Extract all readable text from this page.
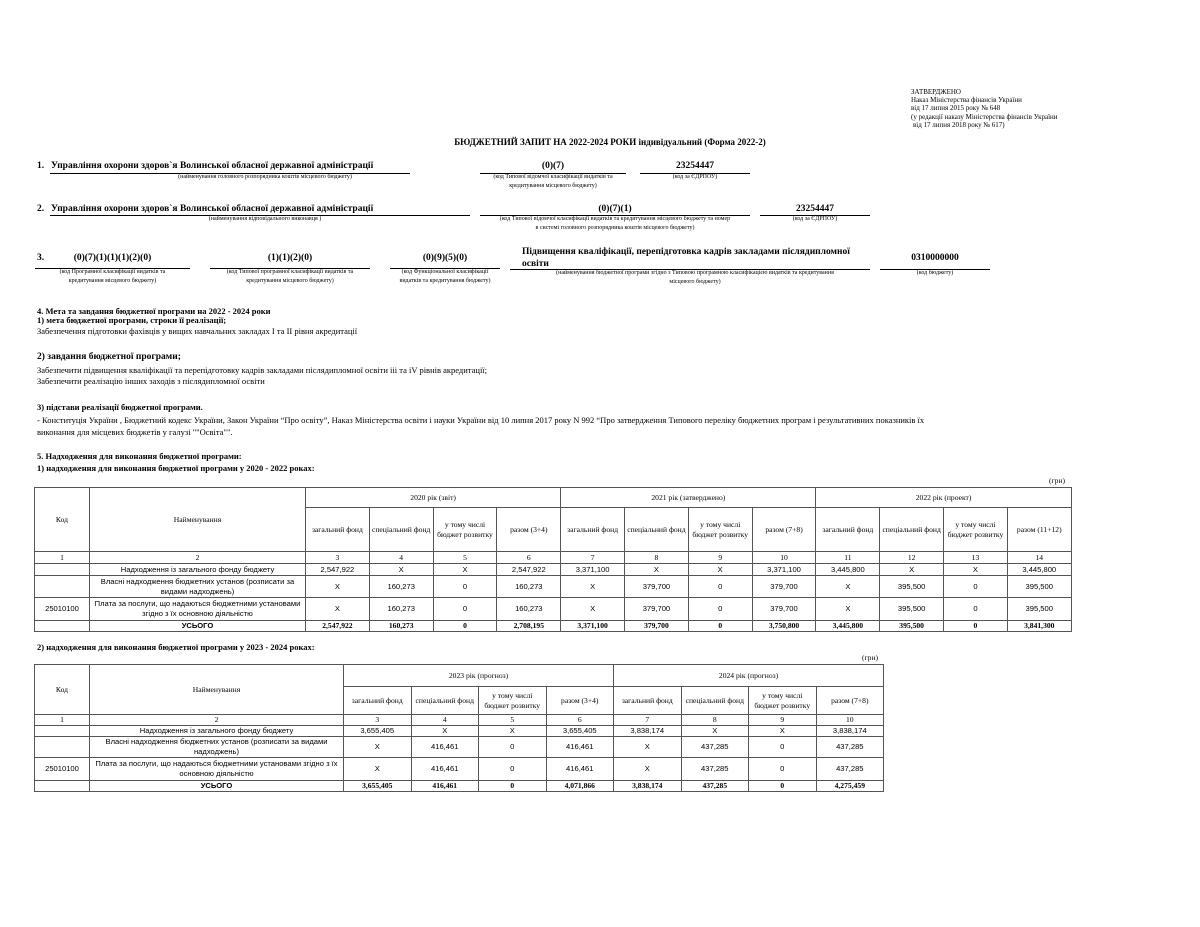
ЗАТВЕРДЖЕНО
Наказ Міністерства фінансів України
від 17 липня 2015 року № 648
(у редакції наказу Міністерства фінансів України
від 17 липня 2018 року № 617)
БЮДЖЕТНИЙ ЗАПИТ НА 2022-2024 РОКИ індивідуальний (Форма 2022-2)
1. Управління охорони здоров`я Волинської обласної державної адміністрації
(найменування головного розпорядника коштів місцевого бюджету)
(0)(7)
(код Типової відомчої класифікації видатків та
кредитування місцевого бюджету)
23254447
(код за ЄДРПОУ)
2. Управління охорони здоров`я Волинської обласної державної адміністрації
(найменування відповідального виконавця )
(0)(7)(1)
(код Типової відомчої класифікації видатків та кредитування місцевого бюджету та номер
в системі головного розпорядника коштів місцевого бюджету)
23254447
(код за ЄДРПОУ)
3.	(0)(7)(1)(1)(1)(2)(0)
(код Програмної класифікації видатків та
кредитування місцевого бюджету)
(1)(1)(2)(0)
(код Типової програмної класифікації видатків та
кредитування місцевого бюджету)
(0)(9)(5)(0)
(код Функціональної класифікації
видатків та кредитування бюджету)
Підвищення кваліфікації, перепідготовка кадрів закладами післядипломної
освіти
(найменування бюджетної програми згідно з Типовою програмною класифікацією видатків та кредитування
місцевого бюджету)
0310000000
(код бюджету)
4. Мета та завдання бюджетної програми на 2022 - 2024 роки
1) мета бюджетної програми, строки її реалізації;
Забезпечення підготовки фахівців у вищих навчальних закладах І та ІІ рівня акредитації
2) завдання бюджетної програми;
Забезпечити підвищення кваліфікації та перепідготовку кадрів закладами післядипломної освіти ііі та іV рівнів акредитації;
Забезпечити реалізацію інших заходів з післядипломної освіти
3) підстави реалізації бюджетної програми.
- Конституція України , Бюджетний кодекс України, Закон України “Про освіту”, Наказ Міністерства освіти і науки України від 10 липня 2017 року N 992 “Про затвердження Типового переліку бюджетних програм і результативних показників їх
виконання для місцевих бюджетів у галузі ""Освіта"".
5. Надходження для виконання бюджетної програми:
1) надходження для виконання бюджетної програми у 2020 - 2022 роках:
(грн)
Код	Найменування	2020 рік (звіт)				2021 рік (затверджено)				2022 рік (проект)			
		загальний фонд	спеціальний фонд	у тому числі бюджет розвитку	разом (3+4)	загальний фонд	спеціальний фонд	у тому числі бюджет розвитку	разом (7+8)	загальний фонд	спеціальний фонд	у тому числі бюджет розвитку	разом (11+12)
1	2	3	4	5	6	7	8	9	10	11	12	13	14
	Надходження із загального фонду бюджету	2,547,922	X	X	2,547,922	3,371,100	X	X	3,371,100	3,445,800	X	X	3,445,800
	Власні надходження бюджетних установ (розписати за видами надходжень)	X	160,273	0	160,273	X	379,700	0	379,700	X	395,500	0	395,500
25010100	Плата за послуги, що надаються бюджетними установами згідно з їх основною діяльністю	X	160,273	0	160,273	X	379,700	0	379,700	X	395,500	0	395,500
	УСЬОГО	2,547,922	160,273	0	2,708,195	3,371,100	379,700	0	3,750,800	3,445,800	395,500	0	3,841,300
2) надходження для виконання бюджетної програми у 2023 - 2024 роках:
(грн)
Код	Найменування	2023 рік (прогноз)				2024 рік (прогноз)			
		загальний фонд	спеціальний фонд	у тому числі бюджет розвитку	разом (3+4)	загальний фонд	спеціальний фонд	у тому числі бюджет розвитку	разом (7+8)
1	2	3	4	5	6	7	8	9	10
	Надходження із загального фонду бюджету	3,655,405	X	X	3,655,405	3,838,174	X	X	3,838,174
	Власні надходження бюджетних установ (розписати за видами надходжень)	X	416,461	0	416,461	X	437,285	0	437,285
25010100	Плата за послуги, що надаються бюджетними установами згідно з їх основною діяльністю	X	416,461	0	416,461	X	437,285	0	437,285
	УСЬОГО	3,655,405	416,461	0	4,071,866	3,838,174	437,285	0	4,275,459
